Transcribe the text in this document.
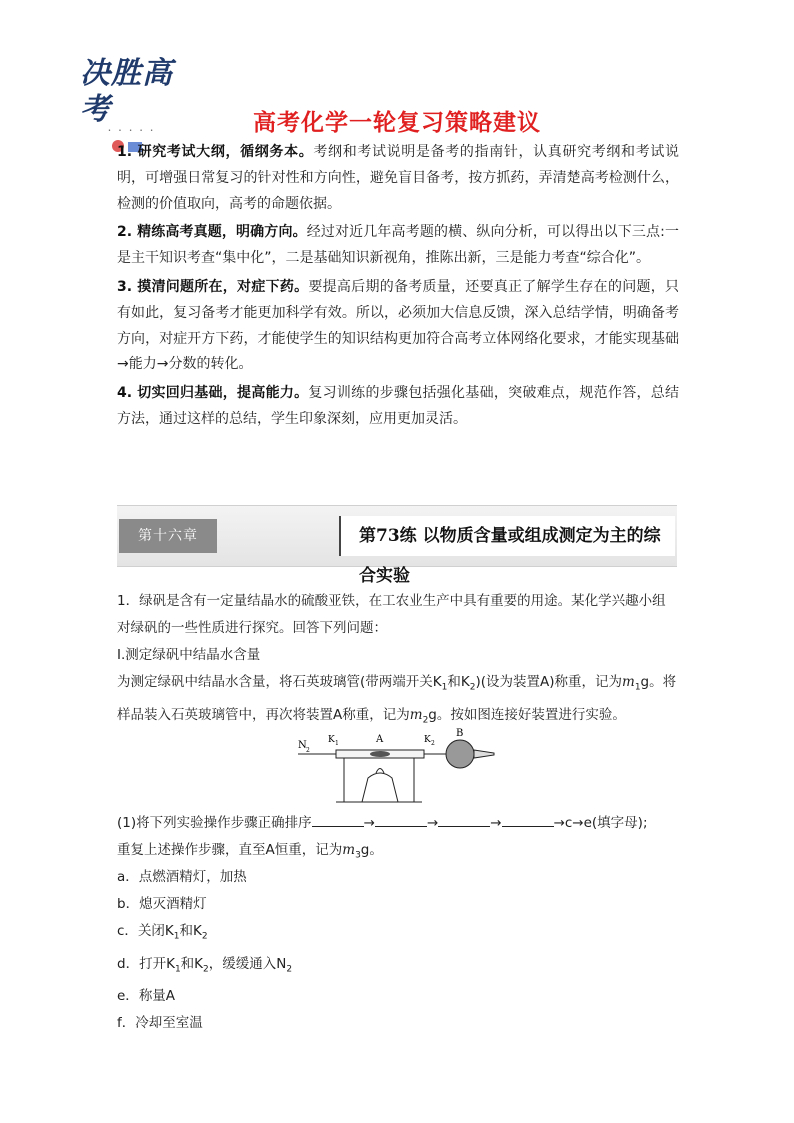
决胜高考
• • • • •	高考化学一轮复习策略建议

1. 研究考试大纲，循纲务本。考纲和考试说明是备考的指南针，认真研究考纲和考试说明，可增强日常复习的针对性和方向性，避免盲目备考，按方抓药，弄清楚高考检测什么，检测的价值取向，高考的命题依据。

2. 精练高考真题，明确方向。经过对近几年高考题的横、纵向分析，可以得出以下三点:一是主干知识考查“集中化”，二是基础知识新视角，推陈出新，三是能力考查“综合化”。

3. 摸清问题所在，对症下药。要提高后期的备考质量，还要真正了解学生存在的问题，只有如此，复习备考才能更加科学有效。所以，必须加大信息反馈，深入总结学情，明确备考方向，对症开方下药，才能使学生的知识结构更加符合高考立体网络化要求，才能实现基础→能力→分数的转化。

4. 切实回归基础，提高能力。复习训练的步骤包括强化基础，突破难点，规范作答，总结方法，通过这样的总结，学生印象深刻，应用更加灵活。

第十六章	第73练 以物质含量或组成测定为主的综合实验

1．绿矾是含有一定量结晶水的硫酸亚铁，在工农业生产中具有重要的用途。某化学兴趣小组对绿矾的一些性质进行探究。回答下列问题：

Ⅰ.测定绿矾中结晶水含量

为测定绿矾中结晶水含量，将石英玻璃管(带两端开关$K_1$和$K_2$)(设为装置A)称重，记为$m_1g$。将样品装入石英玻璃管中，再次将装置A称重，记为$m_2g$。按如图连接好装置进行实验。

N 2
K 1	A	K 2
B

(1)将下列实验操作步骤正确排序	→	→	→	→c→e(填字母);

重复上述操作步骤，直至A恒重，记为$m_3g$。

a．点燃酒精灯，加热

b．熄灭酒精灯

c．关闭$K_1$和$K_2$

d．打开$K_1$和$K_2$，缓缓通入$N_2$

e．称量A

f．冷却至室温
